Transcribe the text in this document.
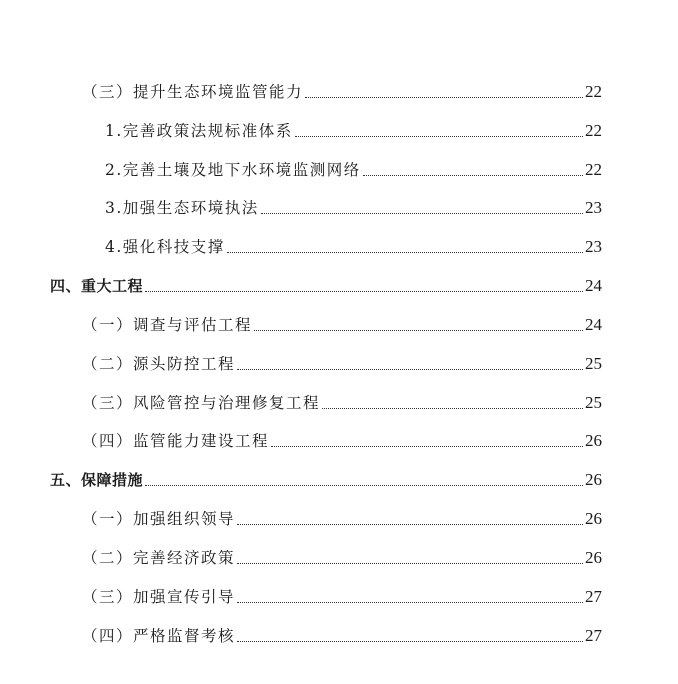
（三）提升生态环境监管能力	22
1.完善政策法规标准体系	22
2.完善土壤及地下水环境监测网络	22
3.加强生态环境执法	23
4.强化科技支撑	23
四、重大工程	24
（一）调查与评估工程	24
（二）源头防控工程	25
（三）风险管控与治理修复工程	25
（四）监管能力建设工程	26
五、保障措施	26
（一）加强组织领导	26
（二）完善经济政策	26
（三）加强宣传引导	27
（四）严格监督考核	27
